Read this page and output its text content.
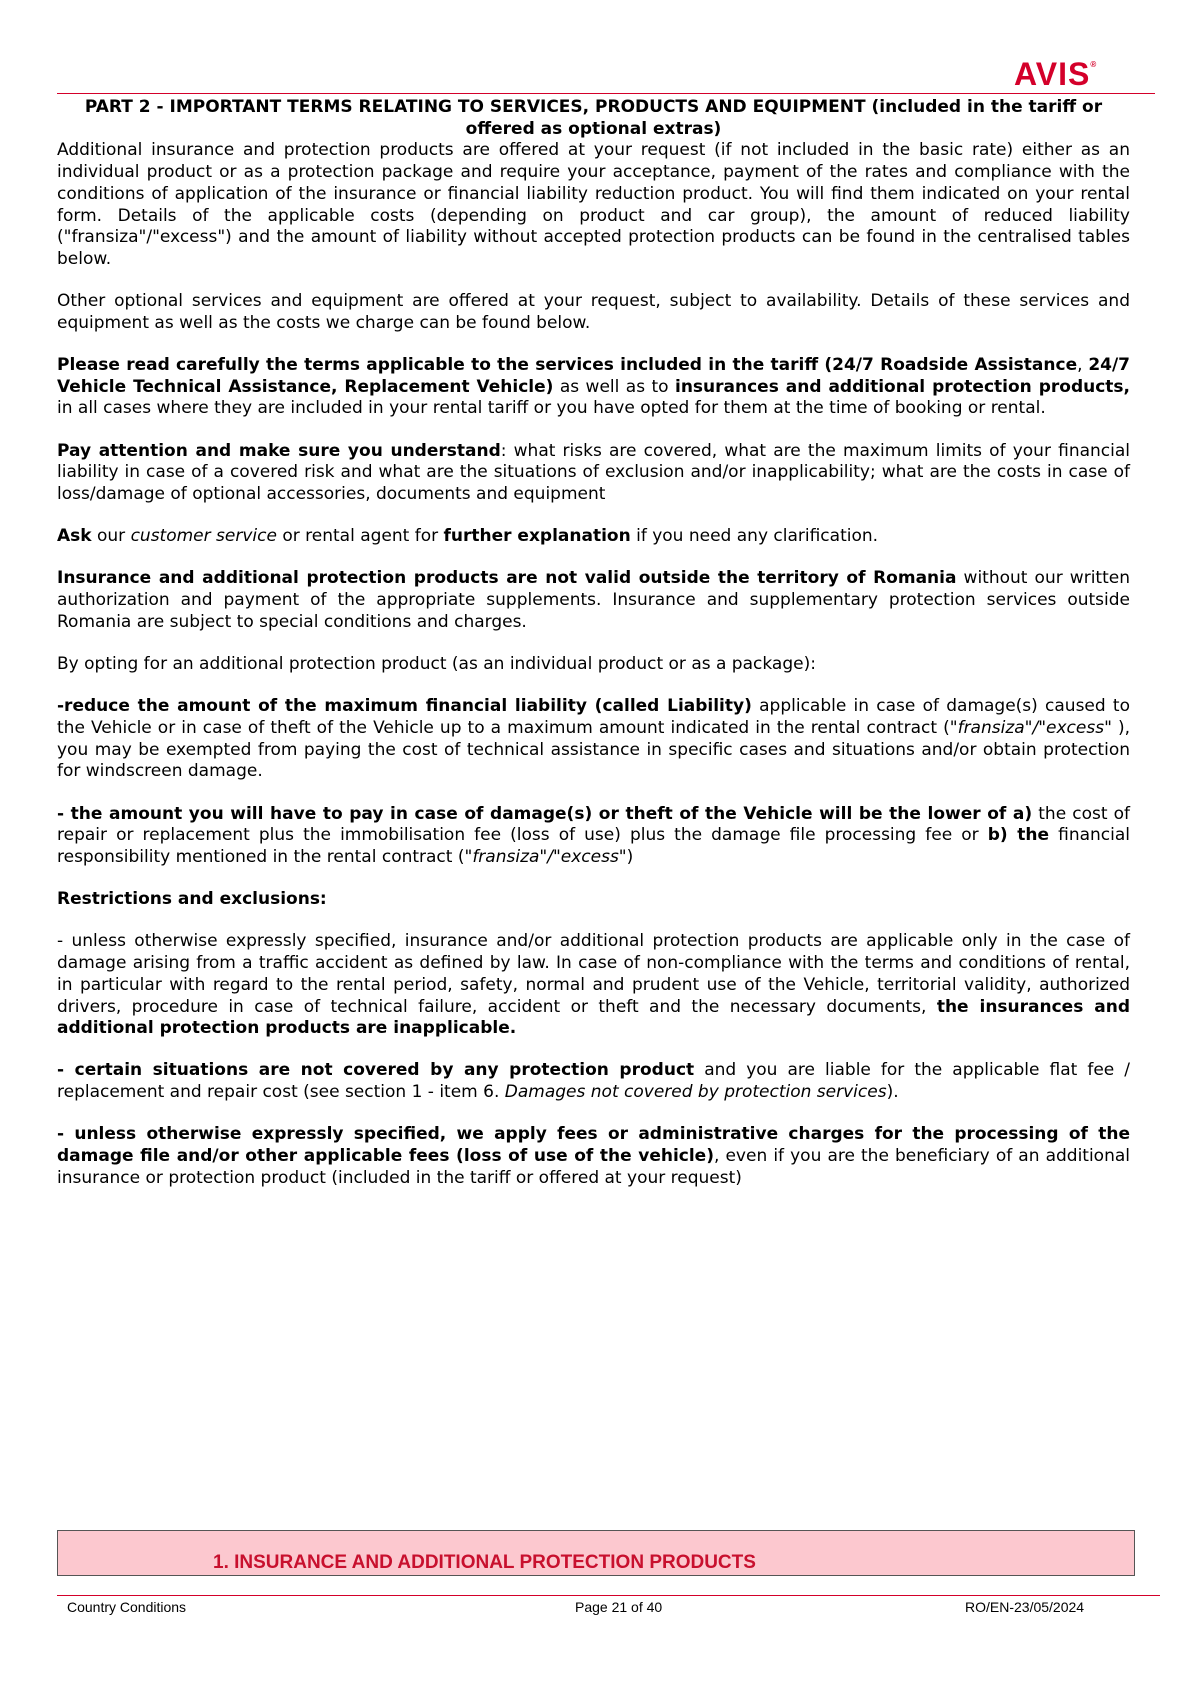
AVIS®

PART 2 - IMPORTANT TERMS RELATING TO SERVICES, PRODUCTS AND EQUIPMENT (included in the tariff or offered as optional extras)

Additional insurance and protection products are offered at your request (if not included in the basic rate) either as an individual product or as a protection package and require your acceptance, payment of the rates and compliance with the conditions of application of the insurance or financial liability reduction product. You will find them indicated on your rental form. Details of the applicable costs (depending on product and car group), the amount of reduced liability ("fransiza"/"excess") and the amount of liability without accepted protection products can be found in the centralised tables below.

Other optional services and equipment are offered at your request, subject to availability. Details of these services and equipment as well as the costs we charge can be found below.

Please read carefully the terms applicable to the services included in the tariff (24/7 Roadside Assistance, 24/7 Vehicle Technical Assistance, Replacement Vehicle) as well as to insurances and additional protection products, in all cases where they are included in your rental tariff or you have opted for them at the time of booking or rental.

Pay attention and make sure you understand: what risks are covered, what are the maximum limits of your financial liability in case of a covered risk and what are the situations of exclusion and/or inapplicability; what are the costs in case of loss/damage of optional accessories, documents and equipment

Ask our customer service or rental agent for further explanation if you need any clarification.

Insurance and additional protection products are not valid outside the territory of Romania without our written authorization and payment of the appropriate supplements. Insurance and supplementary protection services outside Romania are subject to special conditions and charges.

By opting for an additional protection product (as an individual product or as a package):

-reduce the amount of the maximum financial liability (called Liability) applicable in case of damage(s) caused to the Vehicle or in case of theft of the Vehicle up to a maximum amount indicated in the rental contract ("fransiza"/"excess" ), you may be exempted from paying the cost of technical assistance in specific cases and situations and/or obtain protection for windscreen damage.

- the amount you will have to pay in case of damage(s) or theft of the Vehicle will be the lower of a) the cost of repair or replacement plus the immobilisation fee (loss of use) plus the damage file processing fee or b) the financial responsibility mentioned in the rental contract ("fransiza"/"excess")

Restrictions and exclusions:

- unless otherwise expressly specified, insurance and/or additional protection products are applicable only in the case of damage arising from a traffic accident as defined by law. In case of non-compliance with the terms and conditions of rental, in particular with regard to the rental period, safety, normal and prudent use of the Vehicle, territorial validity, authorized drivers, procedure in case of technical failure, accident or theft and the necessary documents, the insurances and additional protection products are inapplicable.

- certain situations are not covered by any protection product and you are liable for the applicable flat fee / replacement and repair cost (see section 1 - item 6. Damages not covered by protection services).

- unless otherwise expressly specified, we apply fees or administrative charges for the processing of the damage file and/or other applicable fees (loss of use of the vehicle), even if you are the beneficiary of an additional insurance or protection product (included in the tariff or offered at your request)

1. INSURANCE AND ADDITIONAL PROTECTION PRODUCTS
Country Conditions	Page 21 of 40	RO/EN-23/05/2024
